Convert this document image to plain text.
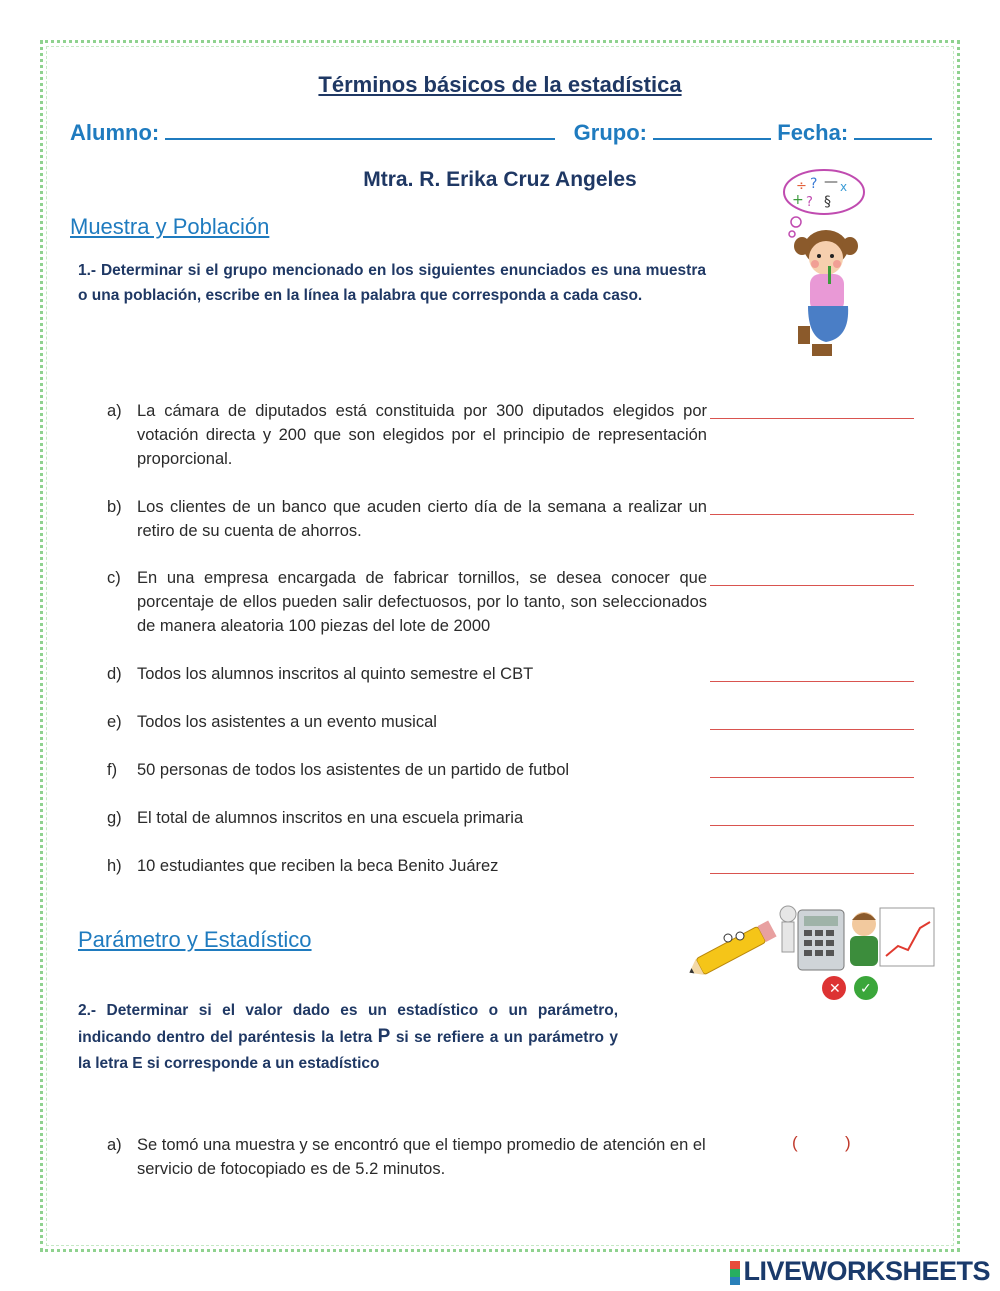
Términos básicos de la estadística
Alumno:	Grupo:	Fecha:
Mtra. R. Erika Cruz Angeles	÷ ? — x
+ ? §
Muestra y Población
1.- Determinar si el grupo mencionado en los siguientes enunciados es una muestra o una población, escribe en la línea la palabra que corresponda a cada caso.
a) La cámara de diputados está constituida por 300 diputados elegidos por votación directa y 200 que son elegidos por el principio de representación proporcional.
b) Los clientes de un banco que acuden cierto día de la semana a realizar un retiro de su cuenta de ahorros.
c) En una empresa encargada de fabricar tornillos, se desea conocer que porcentaje de ellos pueden salir defectuosos, por lo tanto, son seleccionados de manera aleatoria 100 piezas del lote de 2000
d) Todos los alumnos inscritos al quinto semestre el CBT
e) Todos los asistentes a un evento musical
f)	50 personas de todos los asistentes de un partido de futbol
g) El total de alumnos inscritos en una escuela primaria
h) 10 estudiantes que reciben la beca Benito Juárez
Parámetro y Estadístico
✕ ✓
2.- Determinar si el valor dado es un estadístico o un parámetro, indicando dentro del paréntesis la letra P si se refiere a un parámetro y la letra E si corresponde a un estadístico
a) Se tomó una muestra y se encontró que el tiempo promedio de atención en el servicio de fotocopiado es de 5.2 minutos.
(	)
LIVEWORKSHEETS
